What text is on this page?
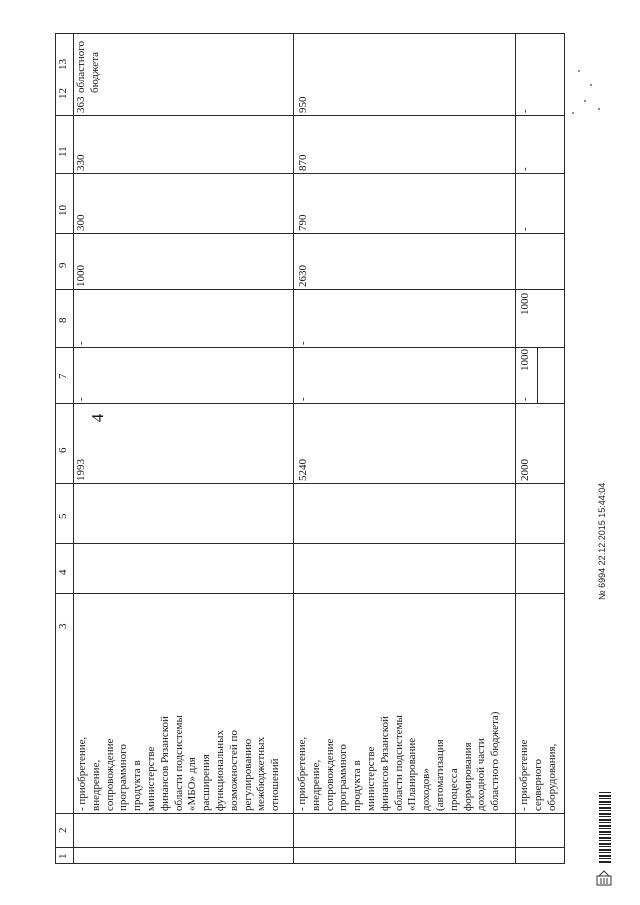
4
1
2
3
4
5
6
7
8
9
10
11
12
13
- приобретение, внедрение, сопровождение программного продукта в министерстве финансов Рязанской области подсистемы «МБО» для расширения функциональных возможностей по регулированию межбюджетных отношений
1993
-
-
1000
300
330
363
областного бюджета
- приобретение, внедрение, сопровождение программного продукта в министерстве финансов Рязанской области подсистемы «Планирование доходов» (автоматизация процесса формирования доходной части областного бюджета)
5240
-
-
2630
790
870
950
- приобретение серверного оборудования,
2000
-
1000
1000
-
-
-
№ 6994 22.12.2015 15:44:04
